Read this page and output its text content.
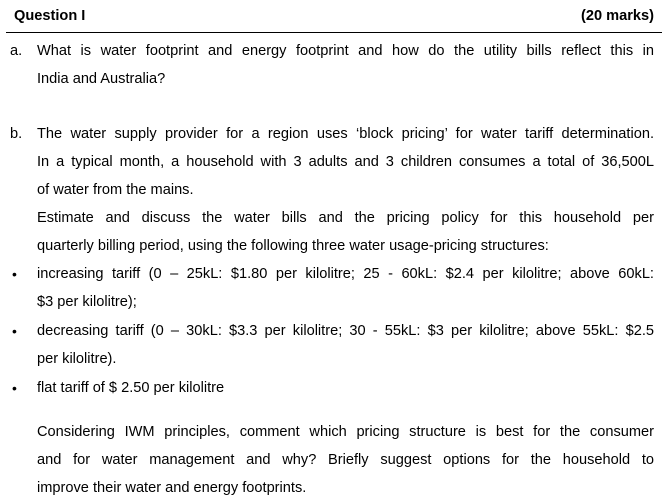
Question I	(20 marks)
a. What is water footprint and energy footprint and how do the utility bills reflect this in
India and Australia?
b. The water supply provider for a region uses ‘block pricing’ for water tariff determination.
In a typical month, a household with 3 adults and 3 children consumes a total of 36,500L
of water from the mains.
Estimate and discuss the water bills and the pricing policy for this household per
quarterly billing period, using the following three water usage-pricing structures:
• increasing tariff (0 – 25kL: $1.80 per kilolitre; 25 - 60kL: $2.4 per kilolitre; above 60kL:
$3 per kilolitre);
• decreasing tariff (0 – 30kL: $3.3 per kilolitre; 30 - 55kL: $3 per kilolitre; above 55kL: $2.5
per kilolitre).
• flat tariff of $ 2.50 per kilolitre
Considering IWM principles, comment which pricing structure is best for the consumer
and for water management and why? Briefly suggest options for the household to
improve their water and energy footprints.
